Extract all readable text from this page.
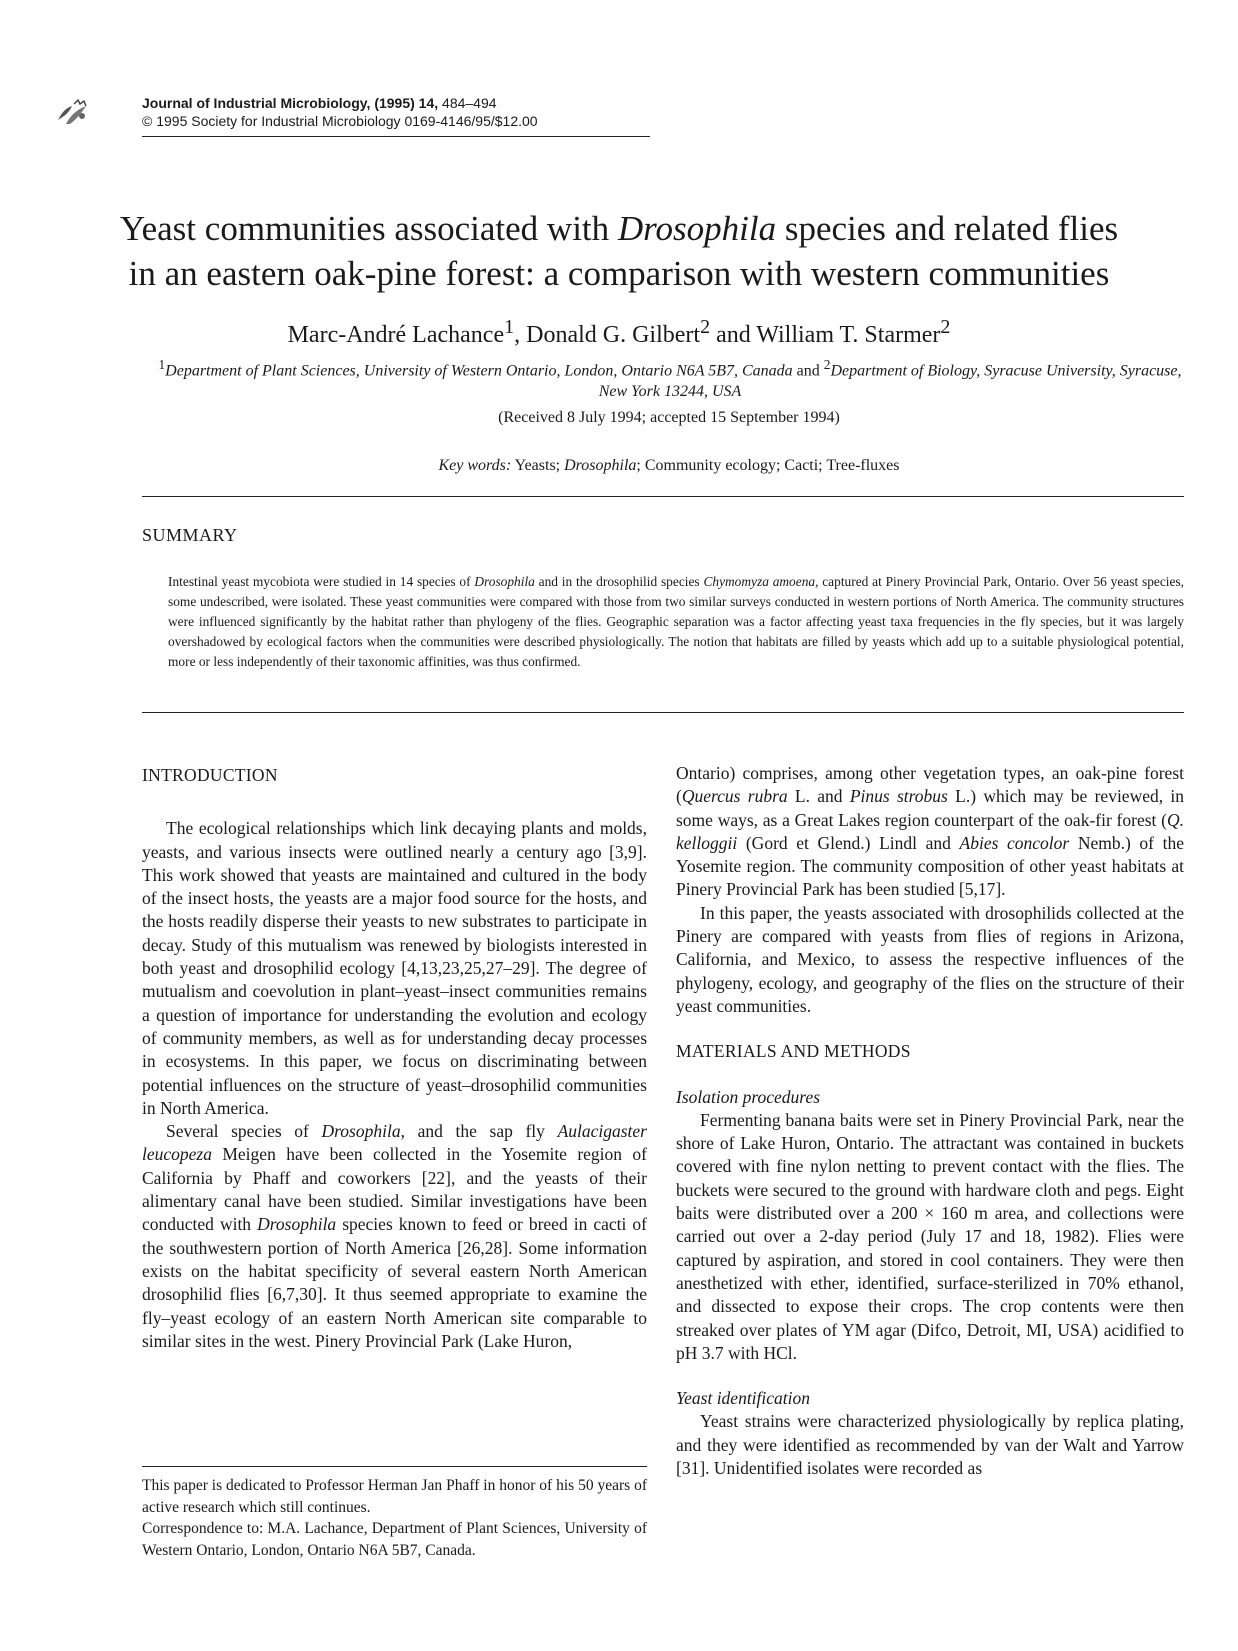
Journal of Industrial Microbiology, (1995) 14, 484–494
© 1995 Society for Industrial Microbiology 0169-4146/95/$12.00
Yeast communities associated with Drosophila species and related flies
in an eastern oak-pine forest: a comparison with western communities
Marc-André Lachance$^1$, Donald G. Gilbert$^2$ and William T. Starmer$^2$
$^1$Department of Plant Sciences, University of Western Ontario, London, Ontario N6A 5B7, Canada and $^2$Department of Biology, Syracuse University, Syracuse, New York 13244, USA
(Received 8 July 1994; accepted 15 September 1994)
Key words: Yeasts; Drosophila; Community ecology; Cacti; Tree-fluxes
SUMMARY
Intestinal yeast mycobiota were studied in 14 species of Drosophila and in the drosophilid species Chymomyza amoena, captured at Pinery Provincial Park, Ontario. Over 56 yeast species, some undescribed, were isolated. These yeast communities were compared with those from two similar surveys conducted in western portions of North America. The community structures were influenced significantly by the habitat rather than phylogeny of the flies. Geographic separation was a factor affecting yeast taxa frequencies in the fly species, but it was largely overshadowed by ecological factors when the communities were described physiologically. The notion that habitats are filled by yeasts which add up to a suitable physiological potential, more or less independently of their taxonomic affinities, was thus confirmed.
INTRODUCTION

The ecological relationships which link decaying plants and molds, yeasts, and various insects were outlined nearly a century ago [3,9]. This work showed that yeasts are maintained and cultured in the body of the insect hosts, the yeasts are a major food source for the hosts, and the hosts readily disperse their yeasts to new substrates to participate in decay. Study of this mutualism was renewed by biologists interested in both yeast and drosophilid ecology [4,13,23,25,27–29]. The degree of mutualism and coevolution in plant–yeast–insect communities remains a question of importance for understanding the evolution and ecology of community members, as well as for understanding decay processes in ecosystems. In this paper, we focus on discriminating between potential influences on the structure of yeast–drosophilid communities in North America.

Several species of Drosophila, and the sap fly Aulacigaster leucopeza Meigen have been collected in the Yosemite region of California by Phaff and coworkers [22], and the yeasts of their alimentary canal have been studied. Similar investigations have been conducted with Drosophila species known to feed or breed in cacti of the southwestern portion of North America [26,28]. Some information exists on the habitat specificity of several eastern North American drosophilid flies [6,7,30]. It thus seemed appropriate to examine the fly–yeast ecology of an eastern North American site comparable to similar sites in the west. Pinery Provincial Park (Lake Huron,

This paper is dedicated to Professor Herman Jan Phaff in honor of his 50 years of active research which still continues.

Correspondence to: M.A. Lachance, Department of Plant Sciences, University of Western Ontario, London, Ontario N6A 5B7, Canada.

Ontario) comprises, among other vegetation types, an oak-pine forest (Quercus rubra L. and Pinus strobus L.) which may be reviewed, in some ways, as a Great Lakes region counterpart of the oak-fir forest (Q. kelloggii (Gord et Glend.) Lindl and Abies concolor Nemb.) of the Yosemite region. The community composition of other yeast habitats at Pinery Provincial Park has been studied [5,17].

In this paper, the yeasts associated with drosophilids collected at the Pinery are compared with yeasts from flies of regions in Arizona, California, and Mexico, to assess the respective influences of the phylogeny, ecology, and geography of the flies on the structure of their yeast communities.

MATERIALS AND METHODS
Isolation procedures

Fermenting banana baits were set in Pinery Provincial Park, near the shore of Lake Huron, Ontario. The attractant was contained in buckets covered with fine nylon netting to prevent contact with the flies. The buckets were secured to the ground with hardware cloth and pegs. Eight baits were distributed over a 200 × 160 m area, and collections were carried out over a 2-day period (July 17 and 18, 1982). Flies were captured by aspiration, and stored in cool containers. They were then anesthetized with ether, identified, surface-sterilized in 70% ethanol, and dissected to expose their crops. The crop contents were then streaked over plates of YM agar (Difco, Detroit, MI, USA) acidified to pH 3.7 with HCl.

Yeast identification

Yeast strains were characterized physiologically by replica plating, and they were identified as recommended by van der Walt and Yarrow [31]. Unidentified isolates were recorded as
